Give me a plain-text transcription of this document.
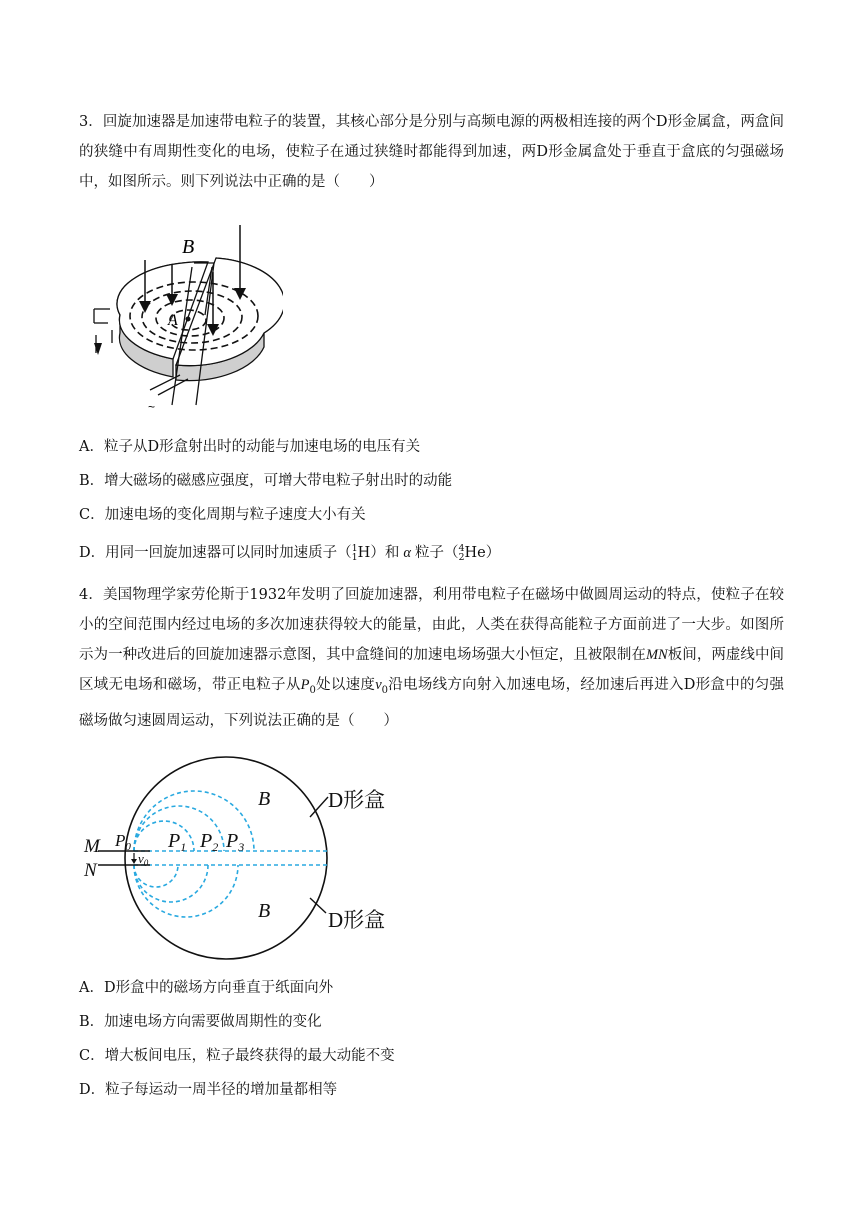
3．回旋加速器是加速带电粒子的装置，其核心部分是分别与高频电源的两极相连接的两个D形金属盒，两盒间的狭缝中有周期性变化的电场，使粒子在通过狭缝时都能得到加速，两D形金属盒处于垂直于盒底的匀强磁场中，如图所示。则下列说法中正确的是（　　）
A
B
~
A．粒子从D形盒射出时的动能与加速电场的电压有关
B．增大磁场的磁感应强度，可增大带电粒子射出时的动能
C．加速电场的变化周期与粒子速度大小有关
D．用同一回旋加速器可以同时加速质子（1
1H）和 α 粒子（4
2He）
4．美国物理学家劳伦斯于1932年发明了回旋加速器，利用带电粒子在磁场中做圆周运动的特点，使粒子在较小的空间范围内经过电场的多次加速获得较大的能量，由此，人类在获得高能粒子方面前进了一大步。如图所示为一种改进后的回旋加速器示意图，其中盒缝间的加速电场场强大小恒定，且被限制在MN板间，两虚线中间区域无电场和磁场，带正电粒子从$P_0$处以速度$v_0$沿电场线方向射入加速电场，经加速后再进入D形盒中的匀强磁场做匀速圆周运动，下列说法正确的是（　　）
M
N
$P_0$
$v_0$
$P_1$ $P_2$ $P_3$
B
B
D形盒
D形盒
A．D形盒中的磁场方向垂直于纸面向外
B．加速电场方向需要做周期性的变化
C．增大板间电压，粒子最终获得的最大动能不变
D．粒子每运动一周半径的增加量都相等
